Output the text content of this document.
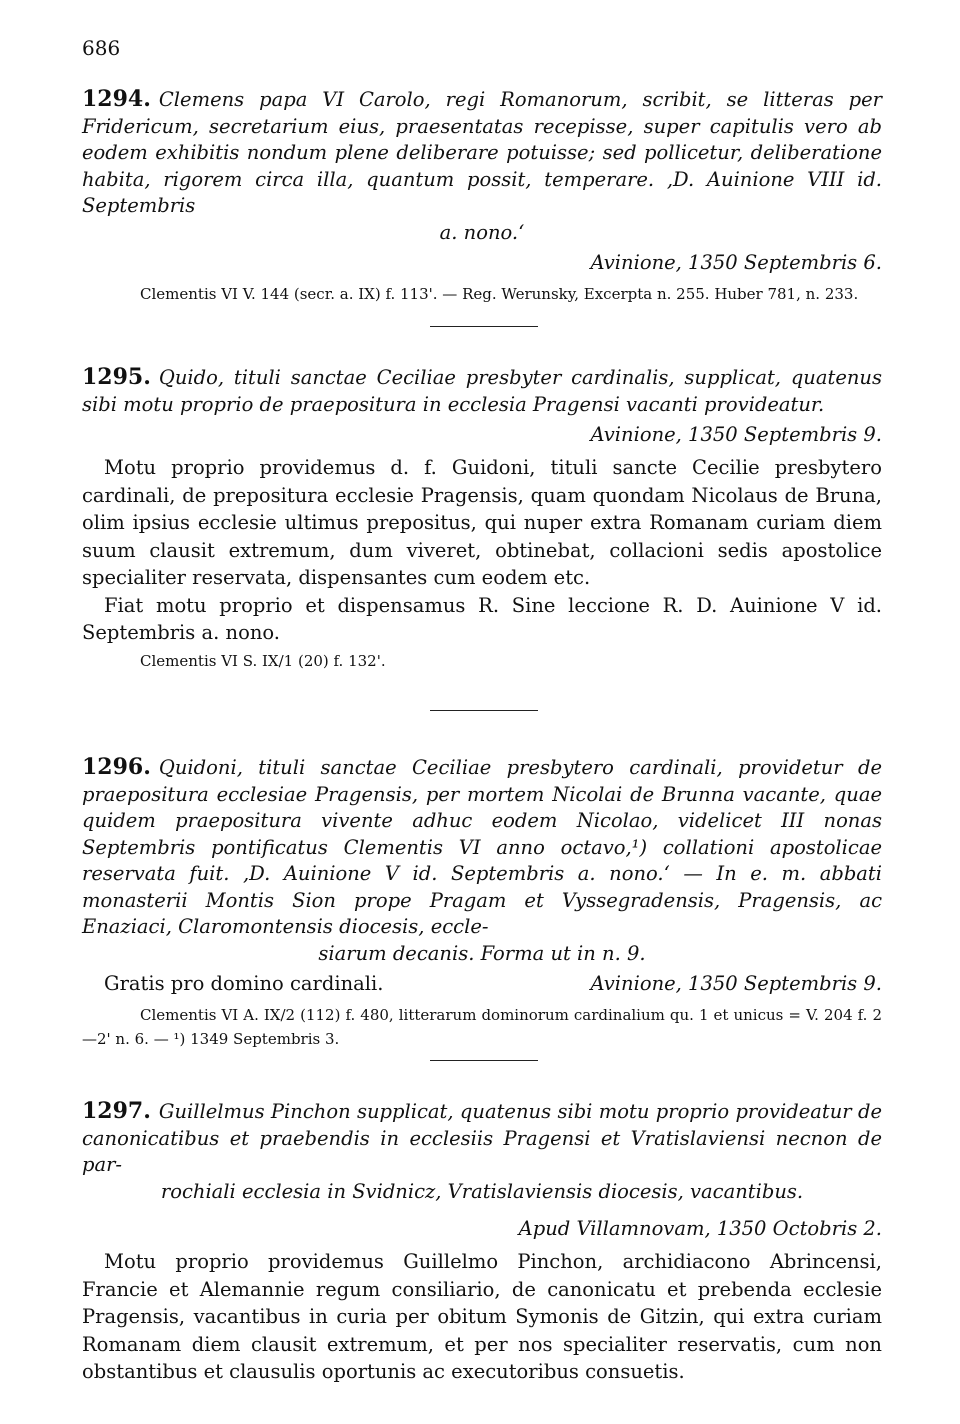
686

1294. Clemens papa VI Carolo, regi Romanorum, scribit, se litteras per Fridericum, secretarium eius, praesentatas recepisse, super capitulis vero ab eodem exhibitis nondum plene deliberare potuisse; sed pollicetur, deliberatione habita, rigorem circa illa, quantum possit, temperare. ,D. Auinione VIII id. Septembris

a. nono.‘

Avinione, 1350 Septembris 6.

Clementis VI V. 144 (secr. a. IX) f. 113'. — Reg. Werunsky, Excerpta n. 255. Huber 781, n. 233.

1295. Quido, tituli sanctae Ceciliae presbyter cardinalis, supplicat, quatenus sibi motu proprio de praepositura in ecclesia Pragensi vacanti provideatur.

Avinione, 1350 Septembris 9.

Motu proprio providemus d. f. Guidoni, tituli sancte Cecilie presbytero cardinali, de prepositura ecclesie Pragensis, quam quondam Nicolaus de Bruna, olim ipsius ecclesie ultimus prepositus, qui nuper extra Romanam curiam diem suum clausit extremum, dum viveret, obtinebat, collacioni sedis apostolice specialiter reservata, dispensantes cum eodem etc.

Fiat motu proprio et dispensamus R. Sine leccione R. D. Auinione V id. Septembris a. nono.

Clementis VI S. IX/1 (20) f. 132'.

1296. Quidoni, tituli sanctae Ceciliae presbytero cardinali, providetur de praepositura ecclesiae Pragensis, per mortem Nicolai de Brunna vacante, quae quidem praepositura vivente adhuc eodem Nicolao, videlicet III nonas Septembris pontificatus Clementis VI anno octavo,¹) collationi apostolicae reservata fuit. ,D. Auinione V id. Septembris a. nono.‘ — In e. m. abbati monasterii Montis Sion prope Pragam et Vyssegradensis, Pragensis, ac Enaziaci, Claromontensis diocesis, eccle-

siarum decanis. Forma ut in n. 9.

Gratis pro domino cardinali.	Avinione, 1350 Septembris 9.

Clementis VI A. IX/2 (112) f. 480, litterarum dominorum cardinalium qu. 1 et unicus = V. 204 f. 2—2' n. 6. — ¹) 1349 Septembris 3.

1297. Guillelmus Pinchon supplicat, quatenus sibi motu proprio provideatur de canonicatibus et praebendis in ecclesiis Pragensi et Vratislaviensi necnon de par-

rochiali ecclesia in Svidnicz, Vratislaviensis diocesis, vacantibus.

Apud Villamnovam, 1350 Octobris 2.

Motu proprio providemus Guillelmo Pinchon, archidiacono Abrincensi, Francie et Alemannie regum consiliario, de canonicatu et prebenda ecclesie Pragensis, vacantibus in curia per obitum Symonis de Gitzin, qui extra curiam Romanam diem clausit extremum, et per nos specialiter reservatis, cum non obstantibus et clausulis oportunis ac executoribus consuetis.
